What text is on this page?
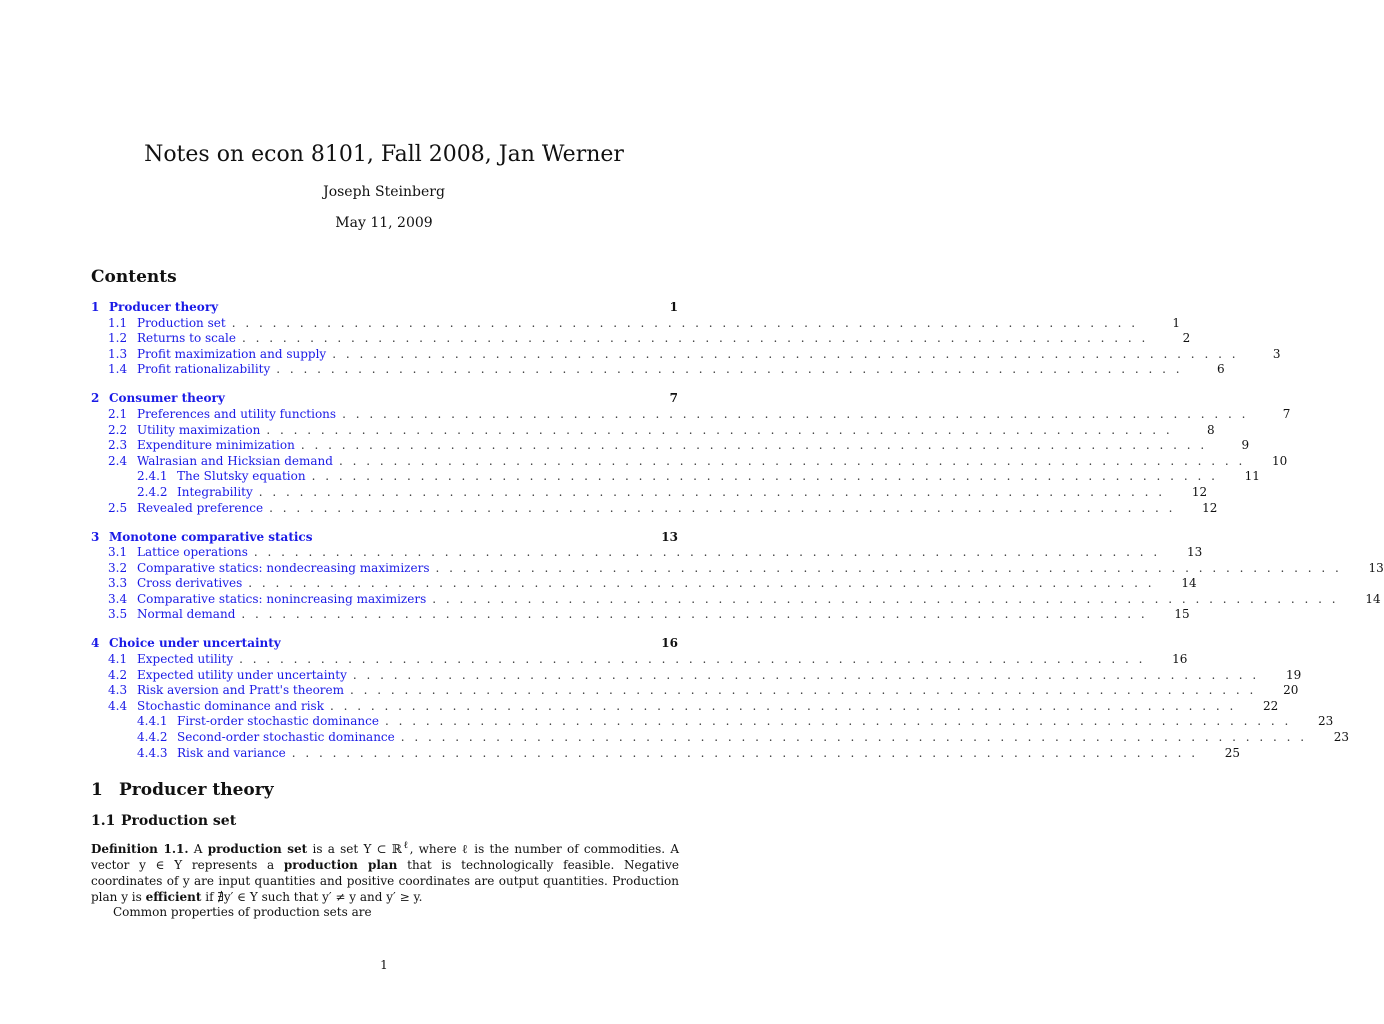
Notes on econ 8101, Fall 2008, Jan Werner
Joseph Steinberg
May 11, 2009
Contents
1 Producer theory	1
1.1 Production set . . . . . . . . . . . . . . . . . . . . . . . . . . . . . . . . . . . . . . . . . . . . . . . . . . . . . . . . . . . . . . . . . . .	1
1.2 Returns to scale . . . . . . . . . . . . . . . . . . . . . . . . . . . . . . . . . . . . . . . . . . . . . . . . . . . . . . . . . . . . . . . . . . .	2
1.3 Profit maximization and supply . . . . . . . . . . . . . . . . . . . . . . . . . . . . . . . . . . . . . . . . . . . . . . . . . . . . . . . . . . . . . . . . . . .	3
1.4 Profit rationalizability . . . . . . . . . . . . . . . . . . . . . . . . . . . . . . . . . . . . . . . . . . . . . . . . . . . . . . . . . . . . . . . . . . .	6
2 Consumer theory	7
2.1 Preferences and utility functions . . . . . . . . . . . . . . . . . . . . . . . . . . . . . . . . . . . . . . . . . . . . . . . . . . . . . . . . . . . . . . . . . . .	7
2.2 Utility maximization . . . . . . . . . . . . . . . . . . . . . . . . . . . . . . . . . . . . . . . . . . . . . . . . . . . . . . . . . . . . . . . . . . .	8
2.3 Expenditure minimization . . . . . . . . . . . . . . . . . . . . . . . . . . . . . . . . . . . . . . . . . . . . . . . . . . . . . . . . . . . . . . . . . . .	9
2.4 Walrasian and Hicksian demand . . . . . . . . . . . . . . . . . . . . . . . . . . . . . . . . . . . . . . . . . . . . . . . . . . . . . . . . . . . . . . . . . . .	10
2.4.1 The Slutsky equation . . . . . . . . . . . . . . . . . . . . . . . . . . . . . . . . . . . . . . . . . . . . . . . . . . . . . . . . . . . . . . . . . . .	11
2.4.2 Integrability . . . . . . . . . . . . . . . . . . . . . . . . . . . . . . . . . . . . . . . . . . . . . . . . . . . . . . . . . . . . . . . . . . .	12
2.5 Revealed preference . . . . . . . . . . . . . . . . . . . . . . . . . . . . . . . . . . . . . . . . . . . . . . . . . . . . . . . . . . . . . . . . . . .	12
3 Monotone comparative statics	13
3.1 Lattice operations . . . . . . . . . . . . . . . . . . . . . . . . . . . . . . . . . . . . . . . . . . . . . . . . . . . . . . . . . . . . . . . . . . .	13
3.2 Comparative statics: nondecreasing maximizers . . . . . . . . . . . . . . . . . . . . . . . . . . . . . . . . . . . . . . . . . . . . . . . . . . . . . . . . . . . . . . . . . . .	13
3.3 Cross derivatives . . . . . . . . . . . . . . . . . . . . . . . . . . . . . . . . . . . . . . . . . . . . . . . . . . . . . . . . . . . . . . . . . . .	14
3.4 Comparative statics: nonincreasing maximizers . . . . . . . . . . . . . . . . . . . . . . . . . . . . . . . . . . . . . . . . . . . . . . . . . . . . . . . . . . . . . . . . . . .	14
3.5 Normal demand . . . . . . . . . . . . . . . . . . . . . . . . . . . . . . . . . . . . . . . . . . . . . . . . . . . . . . . . . . . . . . . . . . .	15
4 Choice under uncertainty	16
4.1 Expected utility . . . . . . . . . . . . . . . . . . . . . . . . . . . . . . . . . . . . . . . . . . . . . . . . . . . . . . . . . . . . . . . . . . .	16
4.2 Expected utility under uncertainty . . . . . . . . . . . . . . . . . . . . . . . . . . . . . . . . . . . . . . . . . . . . . . . . . . . . . . . . . . . . . . . . . . .	19
4.3 Risk aversion and Pratt's theorem . . . . . . . . . . . . . . . . . . . . . . . . . . . . . . . . . . . . . . . . . . . . . . . . . . . . . . . . . . . . . . . . . . .	20
4.4 Stochastic dominance and risk . . . . . . . . . . . . . . . . . . . . . . . . . . . . . . . . . . . . . . . . . . . . . . . . . . . . . . . . . . . . . . . . . . .	22
4.4.1 First-order stochastic dominance . . . . . . . . . . . . . . . . . . . . . . . . . . . . . . . . . . . . . . . . . . . . . . . . . . . . . . . . . . . . . . . . . . .	23
4.4.2 Second-order stochastic dominance . . . . . . . . . . . . . . . . . . . . . . . . . . . . . . . . . . . . . . . . . . . . . . . . . . . . . . . . . . . . . . . . . . .	23
4.4.3 Risk and variance . . . . . . . . . . . . . . . . . . . . . . . . . . . . . . . . . . . . . . . . . . . . . . . . . . . . . . . . . . . . . . . . . . .	25
1 Producer theory
1.1 Production set
Definition 1.1. A production set is a set Y ⊂ ℝ$^\ell$, where ℓ is the number of commodities. A vector y ∈ Y represents a production plan that is technologically feasible. Negative coordinates of y are input quantities and positive coordinates are output quantities. Production plan y is efficient if ∄y′ ∈ Y such that y′ ≠ y and y′ ≥ y.
Common properties of production sets are
1
